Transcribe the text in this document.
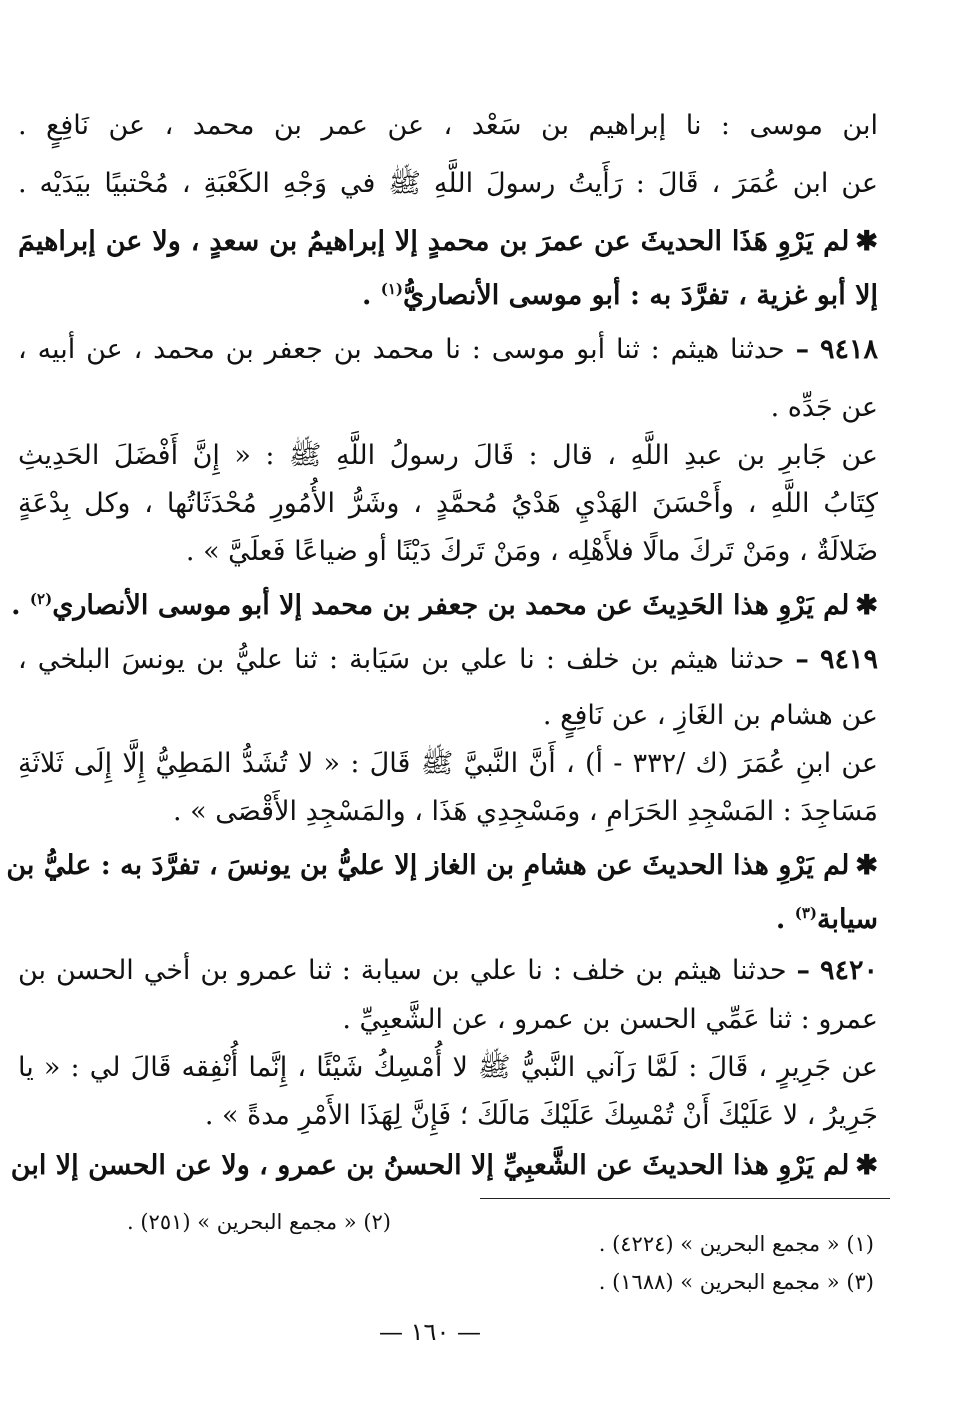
ابن موسى : نا إبراهيم بن سَعْد ، عن عمر بن محمد ، عن نَافِعٍ .
عن ابن عُمَرَ ، قَالَ : رَأَيتُ رسولَ اللَّهِ ﷺ في وَجْهِ الكَعْبَةِ ، مُحْتبيًا بيَدَيْه .
✱لم يَرْوِ هَذَا الحديثَ عن عمرَ بن محمدٍ إلا إبراهيمُ بن سعدٍ ، ولا عن إبراهيمَ
إلا أبو غزية ، تفرَّدَ به : أبو موسى الأنصاريُّ$^{(١)}$ .
٩٤١٨ – حدثنا هيثم : ثنا أبو موسى : نا محمد بن جعفر بن محمد ، عن أبيه ،
عن جَدِّه .
عن جَابرِ بن عبدِ اللَّهِ ، قال : قَالَ رسولُ اللَّهِ ﷺ : « إِنَّ أَفْضَلَ الحَدِيثِ
كِتَابُ اللَّهِ ، وأَحْسَنَ الهَدْيِ هَدْيُ مُحمَّدٍ ، وشَرُّ الأُمُورِ مُحْدَثَاتُها ، وكل بِدْعَةٍ
ضَلالَةٌ ، ومَنْ تَركَ مالًا فلأَهْلِه ، ومَنْ تَركَ دَيْنًا أو ضياعًا فَعلَيَّ » .
✱لم يَرْوِ هذا الحَدِيثَ عن محمد بن جعفر بن محمد إلا أبو موسى الأنصاري$^{(٢)}$ .
٩٤١٩ – حدثنا هيثم بن خلف : نا علي بن سَيَابة : ثنا عليُّ بن يونسَ البلخي ،
عن هشام بن الغَازِ ، عن نَافِعٍ .
عن ابنِ عُمَرَ (ك /٣٣٢ - أ) ، أَنَّ النَّبيَّ ﷺ قَالَ : « لا تُشَدُّ المَطِيُّ إِلَّا إِلَى ثَلاثَةِ
مَسَاجِدَ : المَسْجِدِ الحَرَامِ ، ومَسْجِدِي هَذَا ، والمَسْجِدِ الأَقْصَى » .
✱لم يَرْوِ هذا الحديثَ عن هشامِ بن الغاز إلا عليُّ بن يونسَ ، تفرَّدَ به : عليُّ بن
سيابة$^{(٣)}$ .
٩٤٢٠ – حدثنا هيثم بن خلف : نا علي بن سيابة : ثنا عمرو بن أخي الحسن بن
عمرو : ثنا عَمِّي الحسن بن عمرو ، عن الشَّعبِيِّ .
عن جَرِيرٍ ، قَالَ : لَمَّا رَآني النَّبيُّ ﷺ لا أُمْسِكُ شَيْئًا ، إِنَّما أُنْفِقه قَالَ لي : « يا
جَرِيرُ ، لا عَلَيْكَ أَنْ تُمْسِكَ عَلَيْكَ مَالَكَ ؛ فَإِنَّ لِهَذَا الأَمْرِ مدةً » .
✱لم يَرْوِ هذا الحديثَ عن الشَّعبِيِّ إلا الحسنُ بن عمرو ، ولا عن الحسن إلا ابن
(١) « مجمع البحرين » (٤٢٢٤) .
(٢) « مجمع البحرين » (٢٥١) .
(٣) « مجمع البحرين » (١٦٨٨) .
— ١٦٠ —
